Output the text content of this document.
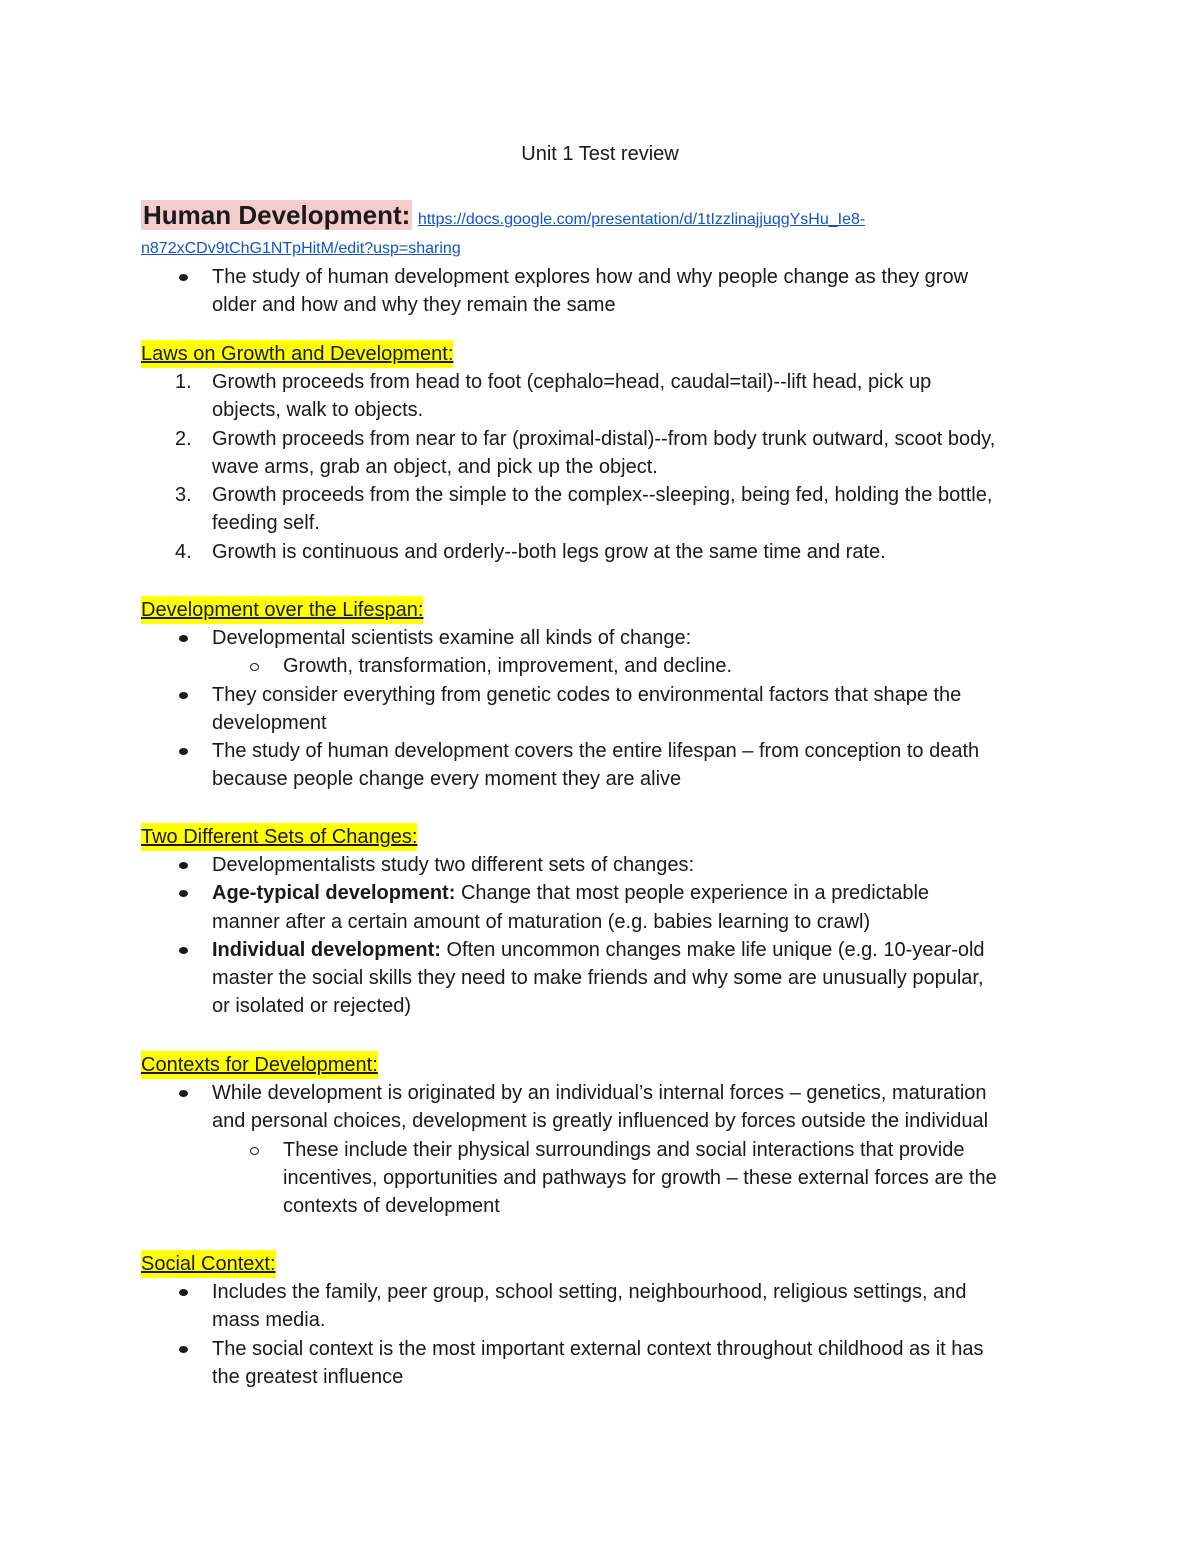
Unit 1 Test review
Human Development: https://docs.google.com/presentation/d/1tIzzlinajjuqgYsHu_Ie8-
n872xCDv9tChG1NTpHitM/edit?usp=sharing
The study of human development explores how and why people change as they grow
older and how and why they remain the same
Laws on Growth and Development:
1. Growth proceeds from head to foot (cephalo=head, caudal=tail)--lift head, pick up
objects, walk to objects.
2. Growth proceeds from near to far (proximal-distal)--from body trunk outward, scoot body,
wave arms, grab an object, and pick up the object.
3. Growth proceeds from the simple to the complex--sleeping, being fed, holding the bottle,
feeding self.
4. Growth is continuous and orderly--both legs grow at the same time and rate.
Development over the Lifespan:
Developmental scientists examine all kinds of change:
Growth, transformation, improvement, and decline.
They consider everything from genetic codes to environmental factors that shape the
development
The study of human development covers the entire lifespan – from conception to death
because people change every moment they are alive
Two Different Sets of Changes:
Developmentalists study two different sets of changes:
Age-typical development: Change that most people experience in a predictable
manner after a certain amount of maturation (e.g. babies learning to crawl)
Individual development: Often uncommon changes make life unique (e.g. 10-year-old
master the social skills they need to make friends and why some are unusually popular,
or isolated or rejected)
Contexts for Development:
While development is originated by an individual’s internal forces – genetics, maturation
and personal choices, development is greatly influenced by forces outside the individual
These include their physical surroundings and social interactions that provide
incentives, opportunities and pathways for growth – these external forces are the
contexts of development
Social Context:
Includes the family, peer group, school setting, neighbourhood, religious settings, and
mass media.
The social context is the most important external context throughout childhood as it has
the greatest influence
